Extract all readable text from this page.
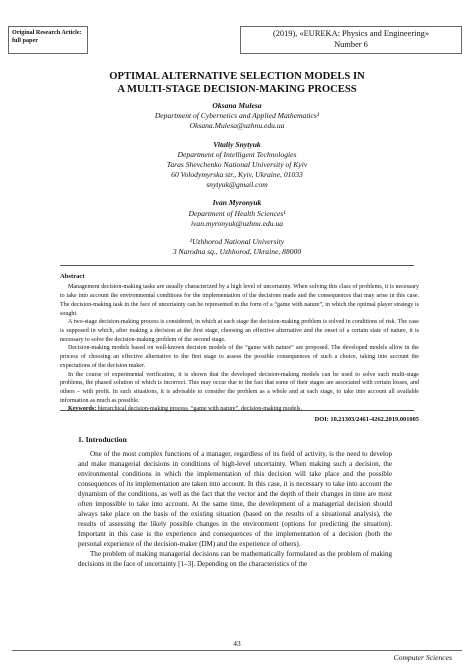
Original Research Article:
full paper
(2019), «EUREKA: Physics and Engineering»
Number 6
OPTIMAL ALTERNATIVE SELECTION MODELS IN
A MULTI-STAGE DECISION-MAKING PROCESS
Oksana Mulesa
Department of Cybernetics and Applied Mathematics¹
Oksana.Mulesa@uzhnu.edu.ua
Vitaliy Snytyuk
Department of Intelligent Technologies
Taras Shevchenko National University of Kyiv
60 Volodymyrska str., Kyiv, Ukraine, 01033
snytyuk@gmail.com
Ivan Myronyuk
Department of Health Sciences¹
ivan.myronyuk@uzhnu.edu.ua
¹Uzhhorod National University
3 Narodna sq., Uzhhorod, Ukraine, 88000
Abstract

Management decision-making tasks are usually characterized by a high level of uncertainty. When solving this class of problems, it is necessary to take into account the environmental conditions for the implementation of the decisions made and the consequences that may arise in this case. The decision-making task in the face of uncertainty can be represented in the form of a “game with nature”, in which the optimal player strategy is sought.

A two-stage decision-making process is considered, in which at each stage the decision-making problem is solved in conditions of risk. The case is supposed in which, after making a decision at the first stage, choosing an effective alternative and the onset of a certain state of nature, it is necessary to solve the decision-making problem of the second stage.

Decision-making models based on well-known decision models of the “game with nature” are proposed. The developed models allow in the process of choosing an effective alternative to the first stage to assess the possible consequences of such a choice, taking into account the expectations of the decision maker.

In the course of experimental verification, it is shown that the developed decision-making models can be used to solve such multi-stage problems, the phased solution of which is incorrect. This may occur due to the fact that some of their stages are associated with certain losses, and others – with profit. In such situations, it is advisable to consider the problem as a whole and at each stage, to take into account all available information as much as possible.

Keywords: hierarchical decision-making process, “game with nature”, decision-making models.

DOI: 10.21303/2461-4262.2019.001005
1. Introduction

One of the most complex functions of a manager, regardless of its field of activity, is the need to develop and make managerial decisions in conditions of high-level uncertainty. When making such a decision, the environmental conditions in which the implementation of this decision will take place and the possible consequences of its implementation are taken into account. In this case, it is necessary to take into account the dynamism of the conditions, as well as the fact that the vector and the depth of their changes in time are most often impossible to take into account. At the same time, the development of a managerial decision should always take place on the basis of the existing situation (based on the results of a situational analysis), the results of assessing the likely possible changes in the environment (options for predicting the situation). Important in this case is the experience and consequences of the implementation of a decision (both the personal experience of the decision-maker (DM) and the experience of others).

The problem of making managerial decisions can be mathematically formulated as the problem of making decisions in the face of uncertainty [1–3]. Depending on the characteristics of the

43
Computer Sciences
